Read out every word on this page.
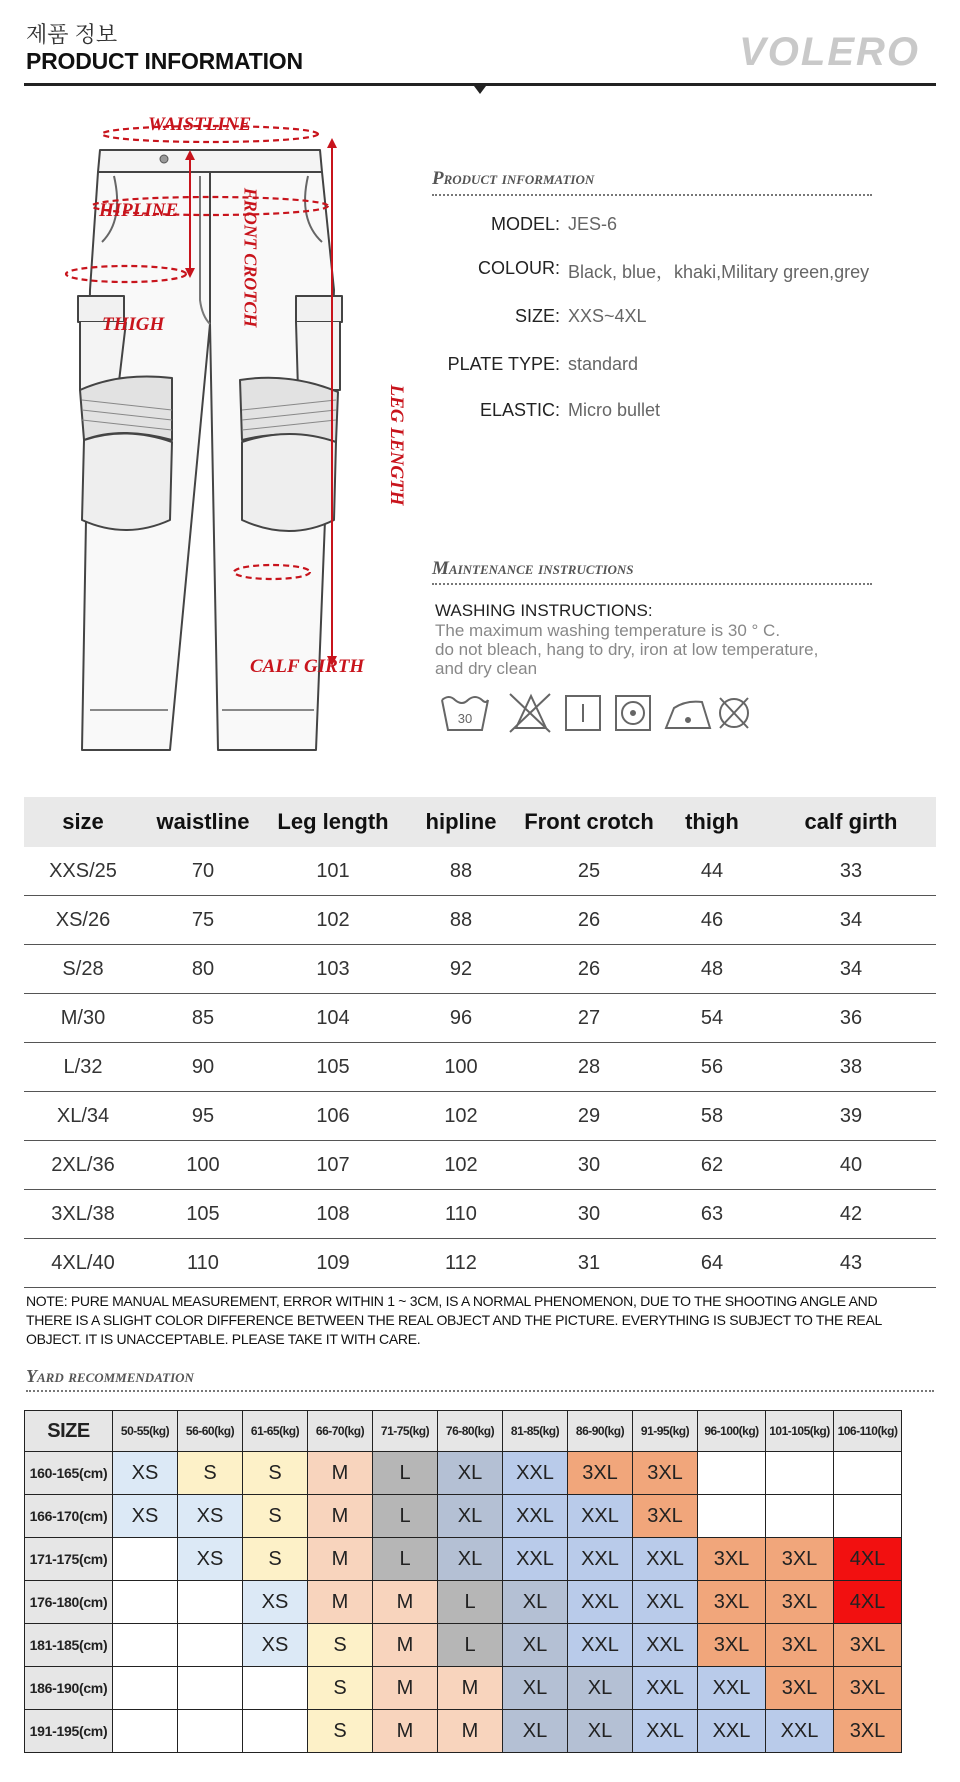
제품 정보
PRODUCT INFORMATION	VOLERO
WAISTLINE
HIPLINE
THIGH	FRONT CROTCH
LEG LENGTH
CALF GIRTH
Product information
MODEL: JES-6
COLOUR: Black, blue，khaki,Military green,grey
SIZE: XXS~4XL
PLATE TYPE: standard
ELASTIC: Micro bullet
Maintenance instructions
WASHING INSTRUCTIONS:
The maximum washing temperature is 30 ° C.
do not bleach, hang to dry, iron at low temperature,
and dry clean
30
size	waistline	Leg length	hipline	Front crotch	thigh	calf girth
XXS/25	70	101	88	25	44	33
XS/26	75	102	88	26	46	34
S/28	80	103	92	26	48	34
M/30	85	104	96	27	54	36
L/32	90	105	100	28	56	38
XL/34	95	106	102	29	58	39
2XL/36	100	107	102	30	62	40
3XL/38	105	108	110	30	63	42
4XL/40	110	109	112	31	64	43
NOTE: PURE MANUAL MEASUREMENT, ERROR WITHIN 1 ~ 3CM, IS A NORMAL PHENOMENON, DUE TO THE SHOOTING ANGLE AND THERE IS A SLIGHT COLOR DIFFERENCE BETWEEN THE REAL OBJECT AND THE PICTURE. EVERYTHING IS SUBJECT TO THE REAL OBJECT. IT IS UNACCEPTABLE. PLEASE TAKE IT WITH CARE.
Yard recommendation
SIZE	50-55(kg)	56-60(kg)	61-65(kg)	66-70(kg)	71-75(kg)	76-80(kg)	81-85(kg)	86-90(kg)	91-95(kg)	96-100(kg)	101-105(kg)	106-110(kg)
160-165(cm)	XS	S	S	M	L	XL	XXL	3XL	3XL			
166-170(cm)	XS	XS	S	M	L	XL	XXL	XXL	3XL			
171-175(cm)		XS	S	M	L	XL	XXL	XXL	XXL	3XL	3XL	4XL
176-180(cm)			XS	M	M	L	XL	XXL	XXL	3XL	3XL	4XL
181-185(cm)			XS	S	M	L	XL	XXL	XXL	3XL	3XL	3XL
186-190(cm)				S	M	M	XL	XL	XXL	XXL	3XL	3XL
191-195(cm)				S	M	M	XL	XL	XXL	XXL	XXL	3XL
